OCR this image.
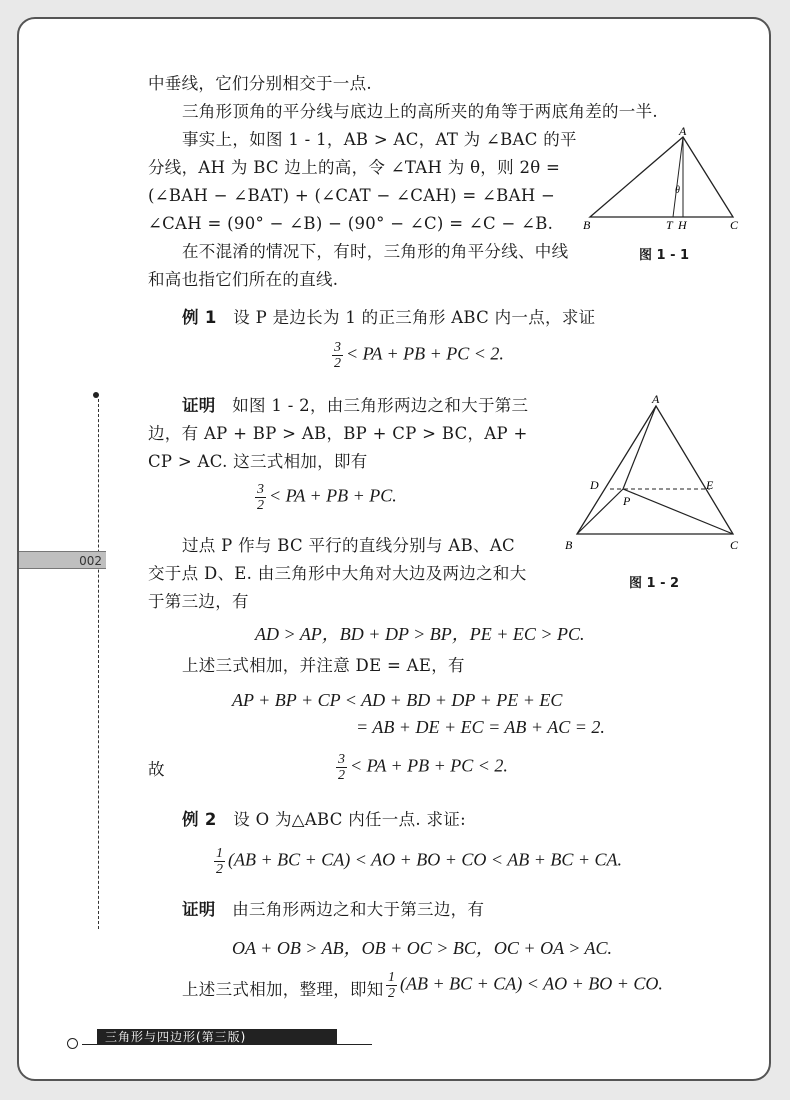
002
中垂线，它们分别相交于一点.
三角形顶角的平分线与底边上的高所夹的角等于两底角差的一半.
事实上，如图 1 - 1，AB > AC，AT 为 ∠BAC 的平
分线，AH 为 BC 边上的高，令 ∠TAH 为 θ，则 2θ =
(∠BAH − ∠BAT) + (∠CAT − ∠CAH) = ∠BAH −
∠CAH = (90° − ∠B) − (90° − ∠C) = ∠C − ∠B.
在不混淆的情况下，有时，三角形的角平分线、中线
和高也指它们所在的直线.
A
B	C
T H
θ
图 1 - 1
例 1 设 P 是边长为 1 的正三角形 ABC 内一点，求证
$\frac{3}{2}$ < PA + PB + PC < 2.
证明 如图 1 - 2，由三角形两边之和大于第三
边，有 AP + BP > AB，BP + CP > BC，AP +
CP > AC. 这三式相加，即有
$\frac{3}{2}$ < PA + PB + PC.
过点 P 作与 BC 平行的直线分别与 AB、AC
交于点 D、E. 由三角形中大角对大边及两边之和大
于第三边，有
A
B	C
D	E
P
图 1 - 2
AD > AP，BD + DP > BP，PE + EC > PC.
上述三式相加，并注意 DE = AE，有
AP + BP + CP < AD + BD + DP + PE + EC
= AB + DE + EC = AB + AC = 2.
故	$\frac{3}{2}$ < PA + PB + PC < 2.
例 2 设 O 为△ABC 内任一点. 求证:
$\frac{1}{2} (AB$ + BC + CA) < AO + BO + CO < AB + BC + CA.
证明 由三角形两边之和大于第三边，有
OA + OB > AB，OB + OC > BC，OC + OA > AC.
上述三式相加，整理，即知 $\frac{1}{2} (AB$ + BC + CA) < AO + BO + CO.
三角形与四边形(第三版)
